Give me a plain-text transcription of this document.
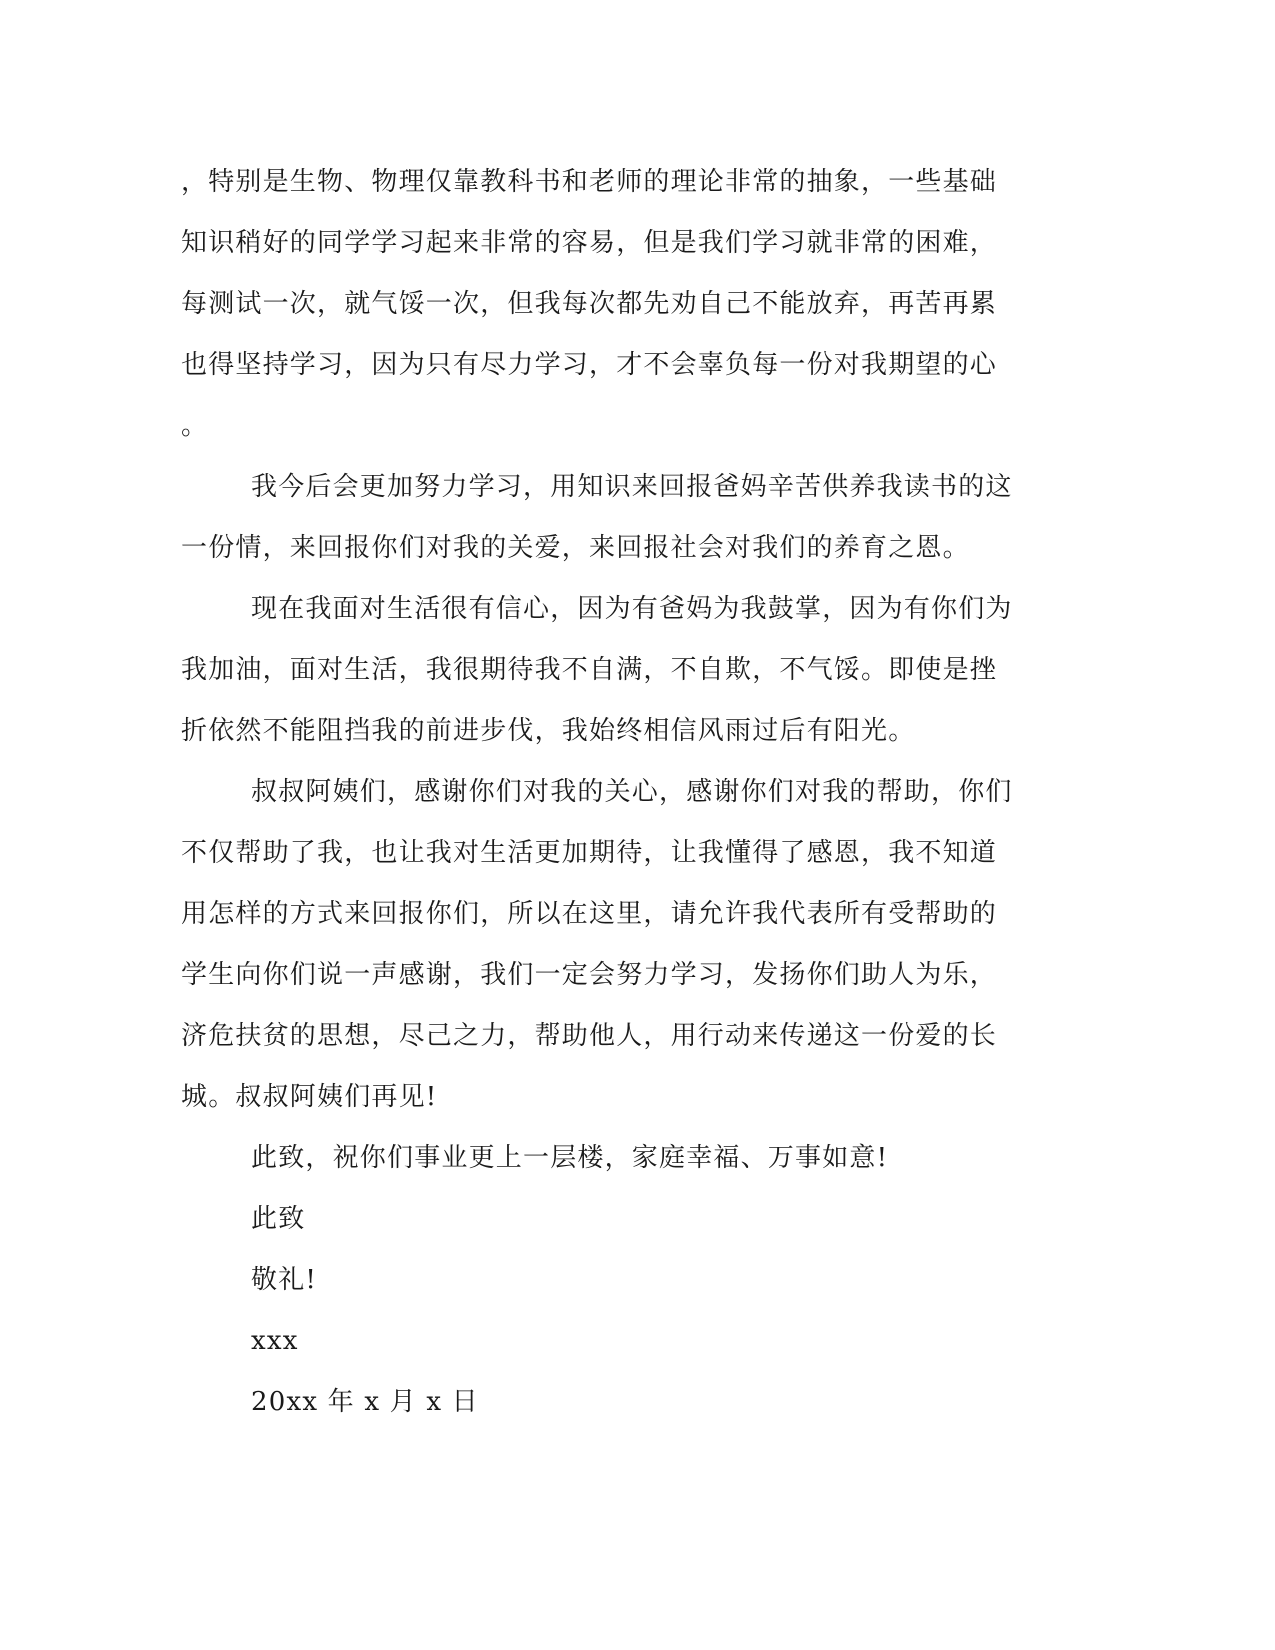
，特别是生物、物理仅靠教科书和老师的理论非常的抽象，一些基础
知识稍好的同学学习起来非常的容易，但是我们学习就非常的困难，
每测试一次，就气馁一次，但我每次都先劝自己不能放弃，再苦再累
也得坚持学习，因为只有尽力学习，才不会辜负每一份对我期望的心
。
我今后会更加努力学习，用知识来回报爸妈辛苦供养我读书的这
一份情，来回报你们对我的关爱，来回报社会对我们的养育之恩。
现在我面对生活很有信心，因为有爸妈为我鼓掌，因为有你们为
我加油，面对生活，我很期待我不自满，不自欺，不气馁。即使是挫
折依然不能阻挡我的前进步伐，我始终相信风雨过后有阳光。
叔叔阿姨们，感谢你们对我的关心，感谢你们对我的帮助，你们
不仅帮助了我，也让我对生活更加期待，让我懂得了感恩，我不知道
用怎样的方式来回报你们，所以在这里，请允许我代表所有受帮助的
学生向你们说一声感谢，我们一定会努力学习，发扬你们助人为乐，
济危扶贫的思想，尽己之力，帮助他人，用行动来传递这一份爱的长
城。叔叔阿姨们再见!
此致，祝你们事业更上一层楼，家庭幸福、万事如意!
此致
敬礼!
xxx
20xx 年 x 月 x 日
